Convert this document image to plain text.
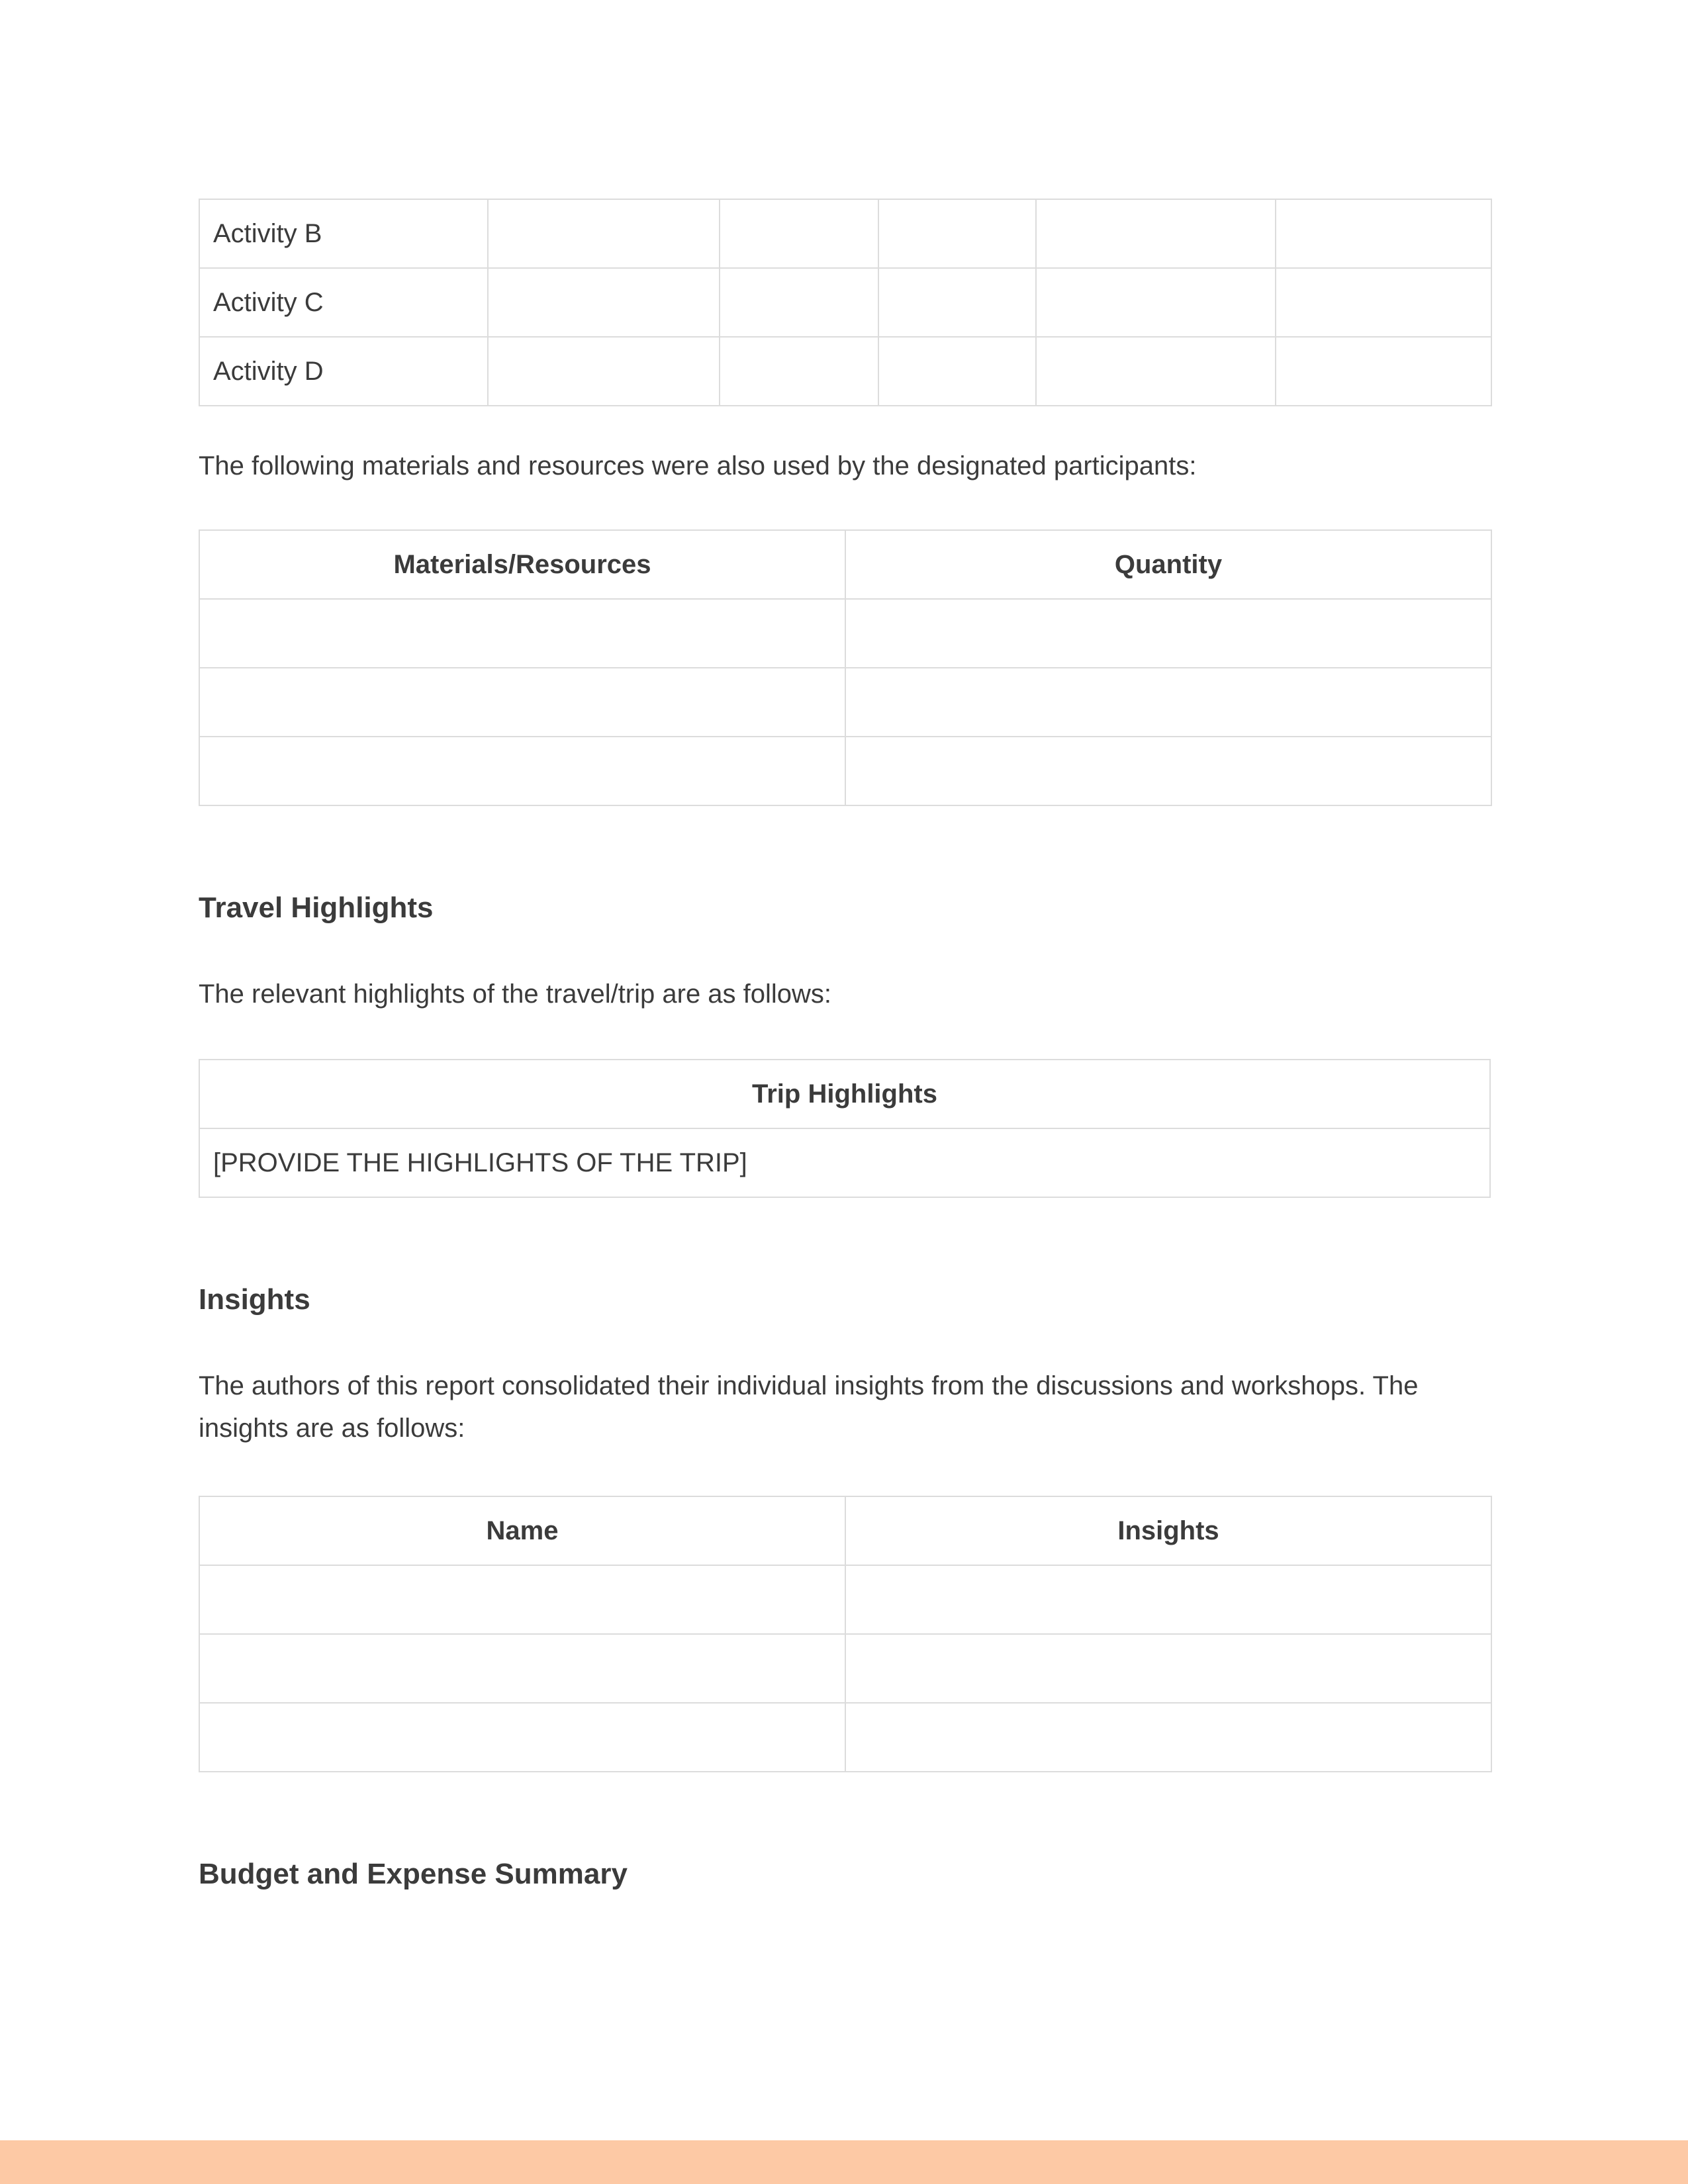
Activity B					
Activity C					
Activity D					

The following materials and resources were also used by the designated participants:

Materials/Resources	Quantity

Travel Highlights

The relevant highlights of the travel/trip are as follows:

Trip Highlights
[PROVIDE THE HIGHLIGHTS OF THE TRIP]
Insights

The authors of this report consolidated their individual insights from the discussions and workshops. The insights are as follows:

Name	Insights

Budget and Expense Summary
